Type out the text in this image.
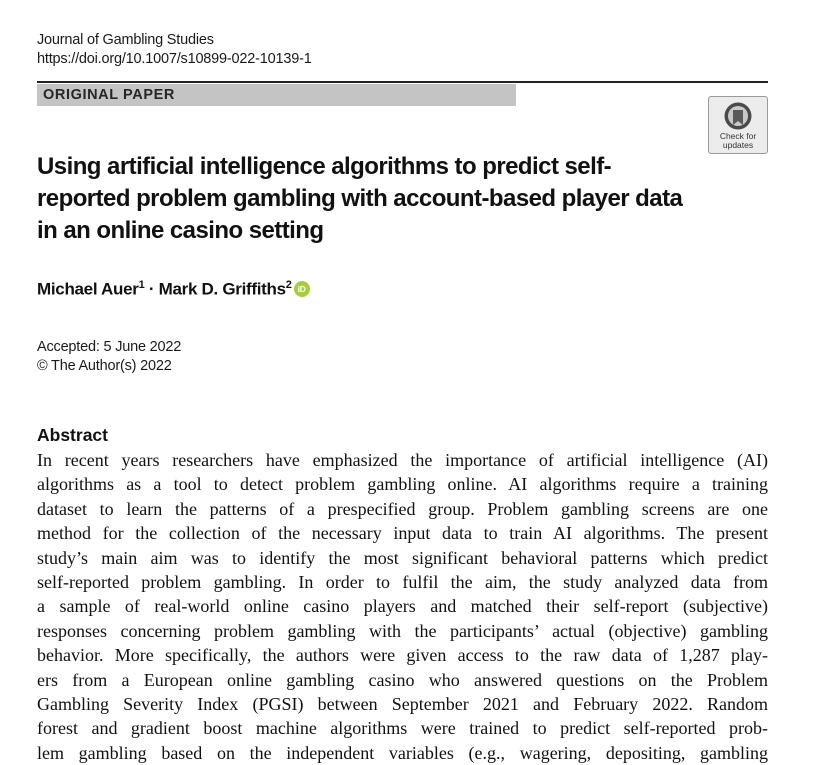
Journal of Gambling Studies
https://doi.org/10.1007/s10899-022-10139-1
ORIGINAL PAPER
Check for
updates
Using artificial intelligence algorithms to predict self-
reported problem gambling with account-based player data
in an online casino setting
Michael Auer$^1$ · Mark D. Griffiths$^2$ iD
Accepted: 5 June 2022
© The Author(s) 2022
Abstract
In recent years researchers have emphasized the importance of artificial intelligence (AI)
algorithms as a tool to detect problem gambling online. AI algorithms require a training
dataset to learn the patterns of a prespecified group. Problem gambling screens are one
method for the collection of the necessary input data to train AI algorithms. The present
study’s main aim was to identify the most significant behavioral patterns which predict
self-reported problem gambling. In order to fulfil the aim, the study analyzed data from
a sample of real-world online casino players and matched their self-report (subjective)
responses concerning problem gambling with the participants’ actual (objective) gambling
behavior. More specifically, the authors were given access to the raw data of 1,287 play-
ers from a European online gambling casino who answered questions on the Problem
Gambling Severity Index (PGSI) between September 2021 and February 2022. Random
forest and gradient boost machine algorithms were trained to predict self-reported prob-
lem gambling based on the independent variables (e.g., wagering, depositing, gambling
